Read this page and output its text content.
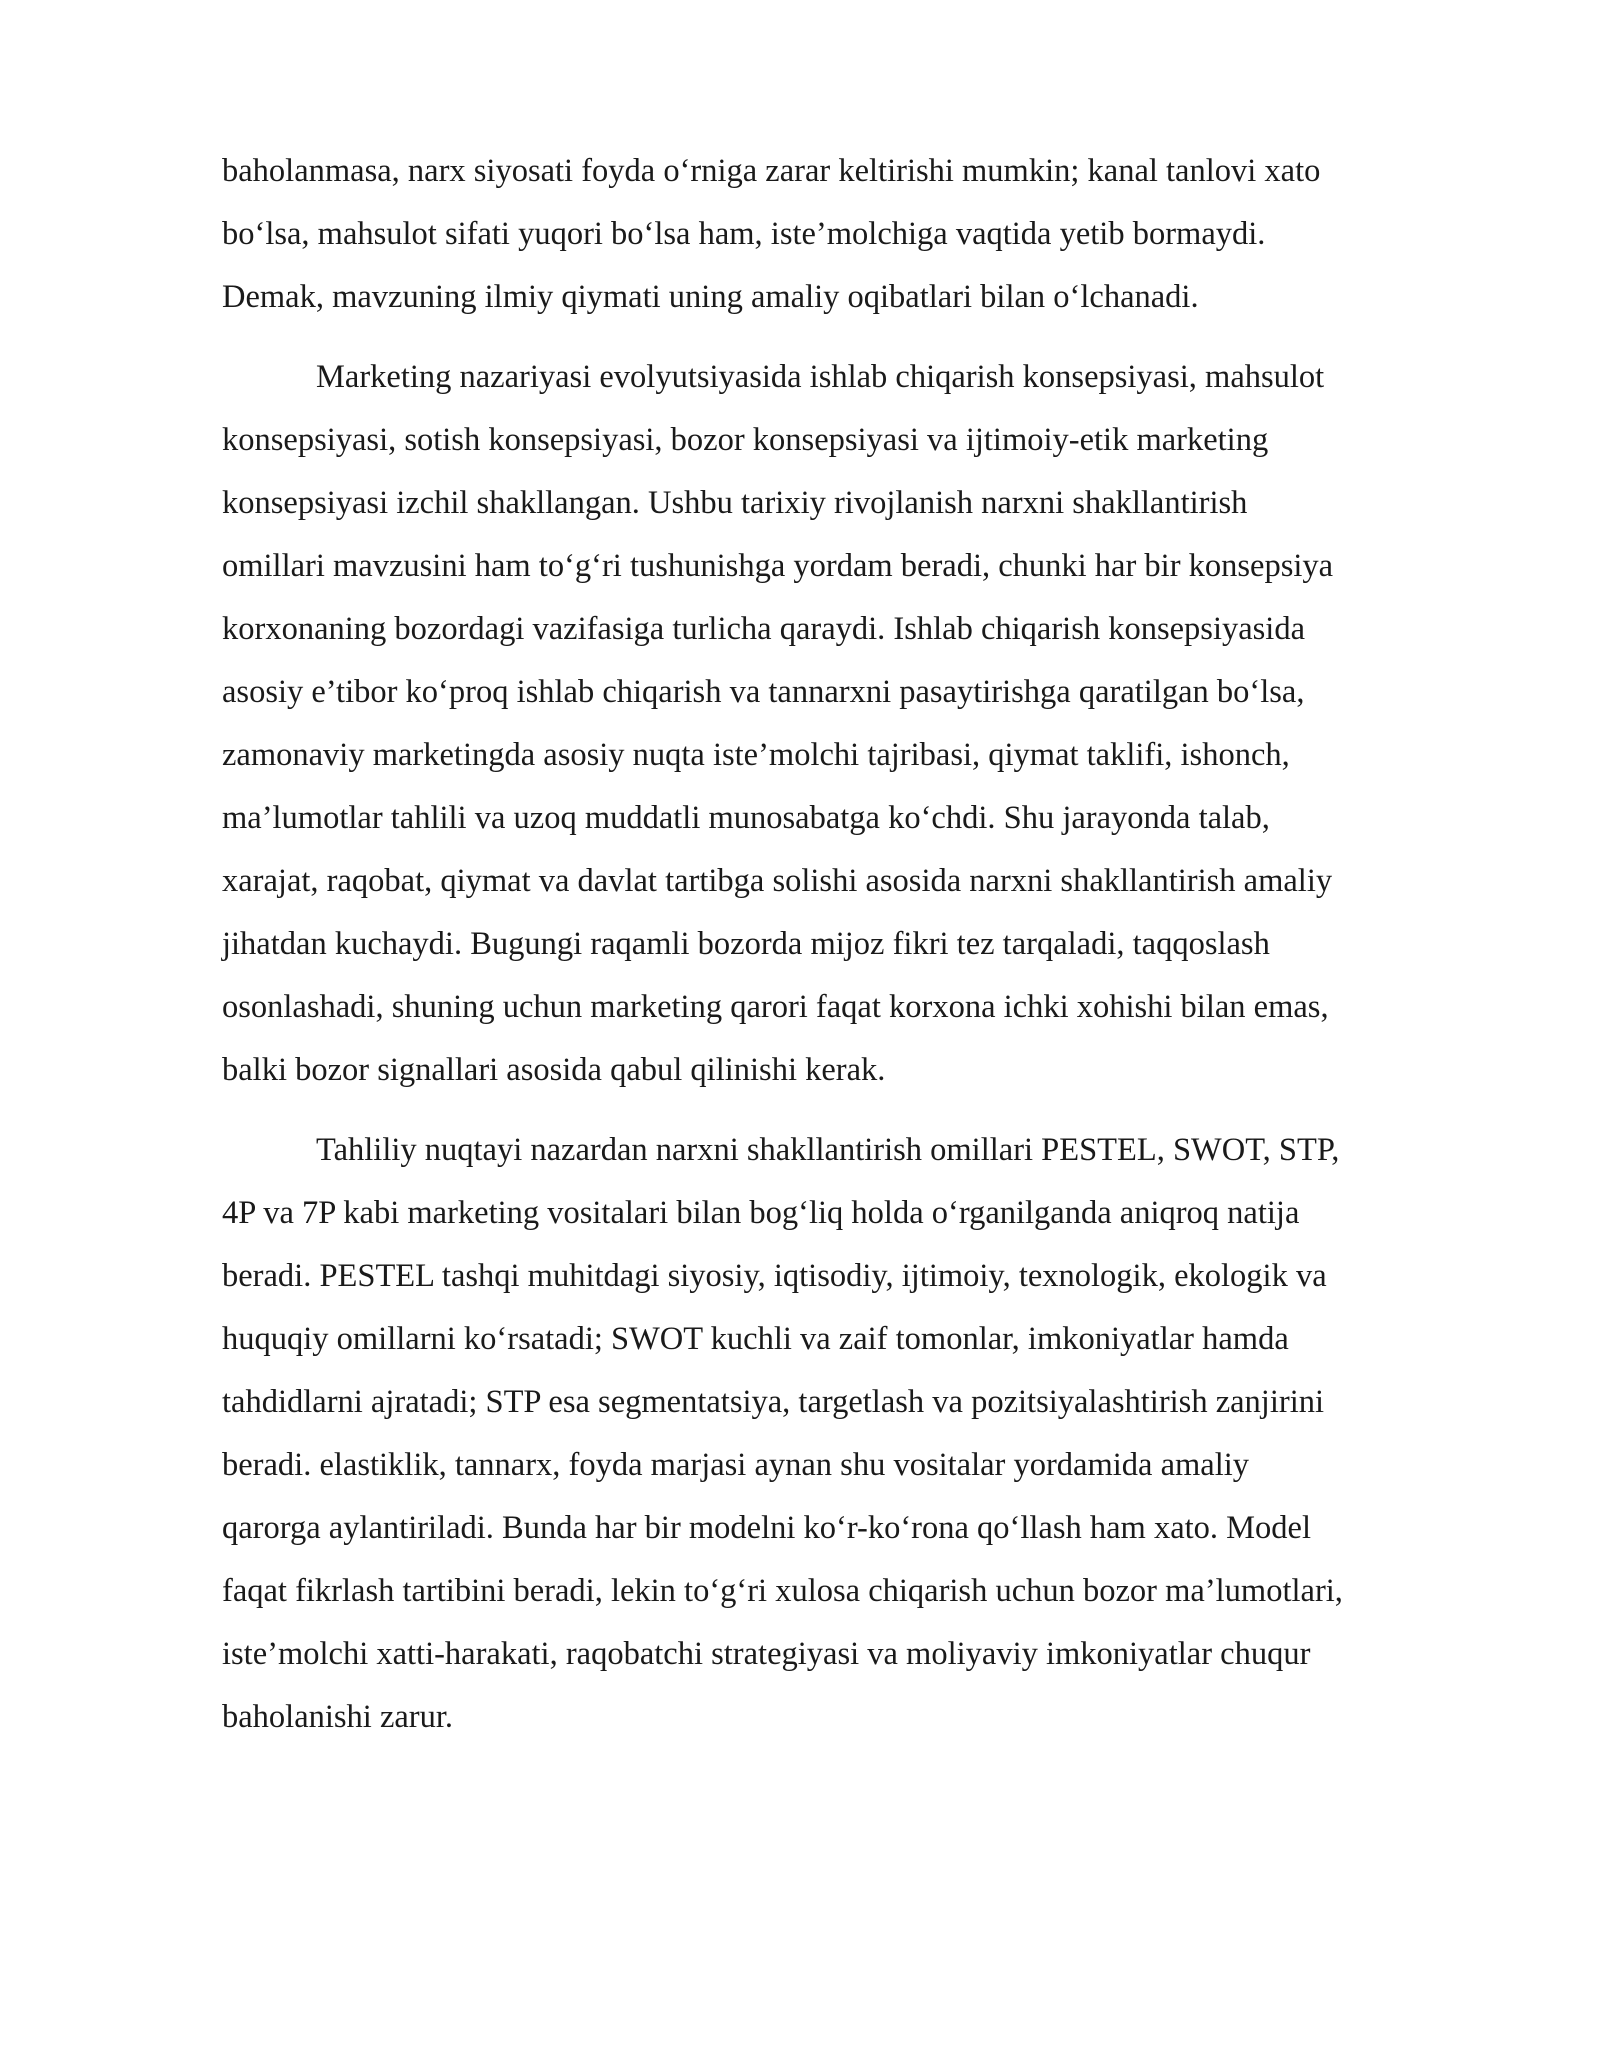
baholanmasa, narx siyosati foyda o‘rniga zarar keltirishi mumkin; kanal tanlovi xato
bo‘lsa, mahsulot sifati yuqori bo‘lsa ham, iste’molchiga vaqtida yetib bormaydi.
Demak, mavzuning ilmiy qiymati uning amaliy oqibatlari bilan o‘lchanadi.

Marketing nazariyasi evolyutsiyasida ishlab chiqarish konsepsiyasi, mahsulot
konsepsiyasi, sotish konsepsiyasi, bozor konsepsiyasi va ijtimoiy-etik marketing
konsepsiyasi izchil shakllangan. Ushbu tarixiy rivojlanish narxni shakllantirish
omillari mavzusini ham to‘g‘ri tushunishga yordam beradi, chunki har bir konsepsiya
korxonaning bozordagi vazifasiga turlicha qaraydi. Ishlab chiqarish konsepsiyasida
asosiy e’tibor ko‘proq ishlab chiqarish va tannarxni pasaytirishga qaratilgan bo‘lsa,
zamonaviy marketingda asosiy nuqta iste’molchi tajribasi, qiymat taklifi, ishonch,
ma’lumotlar tahlili va uzoq muddatli munosabatga ko‘chdi. Shu jarayonda talab,
xarajat, raqobat, qiymat va davlat tartibga solishi asosida narxni shakllantirish amaliy
jihatdan kuchaydi. Bugungi raqamli bozorda mijoz fikri tez tarqaladi, taqqoslash
osonlashadi, shuning uchun marketing qarori faqat korxona ichki xohishi bilan emas,
balki bozor signallari asosida qabul qilinishi kerak.

Tahliliy nuqtayi nazardan narxni shakllantirish omillari PESTEL, SWOT, STP,
4P va 7P kabi marketing vositalari bilan bog‘liq holda o‘rganilganda aniqroq natija
beradi. PESTEL tashqi muhitdagi siyosiy, iqtisodiy, ijtimoiy, texnologik, ekologik va
huquqiy omillarni ko‘rsatadi; SWOT kuchli va zaif tomonlar, imkoniyatlar hamda
tahdidlarni ajratadi; STP esa segmentatsiya, targetlash va pozitsiyalashtirish zanjirini
beradi. elastiklik, tannarx, foyda marjasi aynan shu vositalar yordamida amaliy
qarorga aylantiriladi. Bunda har bir modelni ko‘r-ko‘rona qo‘llash ham xato. Model
faqat fikrlash tartibini beradi, lekin to‘g‘ri xulosa chiqarish uchun bozor ma’lumotlari,
iste’molchi xatti-harakati, raqobatchi strategiyasi va moliyaviy imkoniyatlar chuqur
baholanishi zarur.
